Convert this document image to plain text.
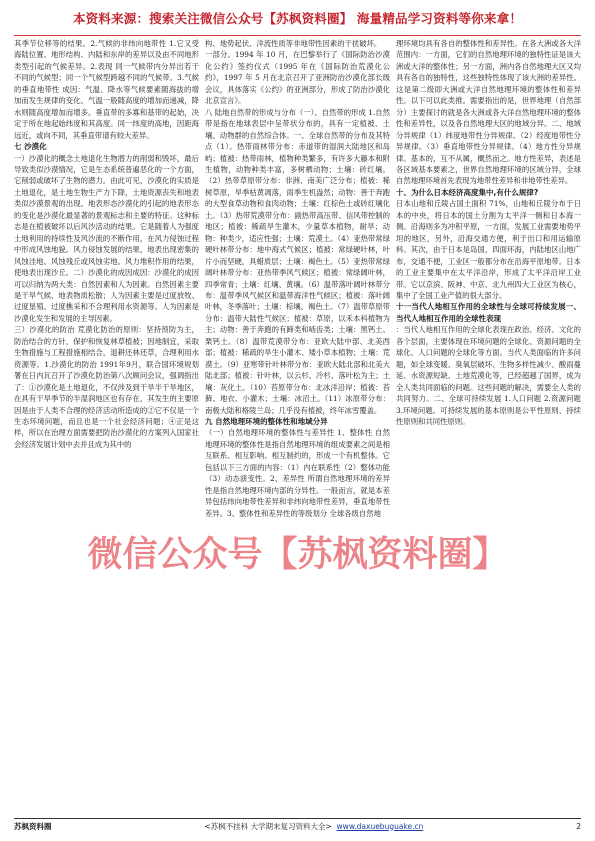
本资料来源：搜索关注微信公众号【苏枫资料圈】 海量精品学习资料等你来拿！

其季节位移等的结果。2.气候的非纬向地带性 1.它又受海陆位置、地形结构、内陆和东岸的差异以及由不同地形类型引起的气候差异。2.表现 同一气候带内分异出若干不同的气候型；同一个气候型跨越不同的气候带。3.气候的垂直地带性 成因：气温、降水等气候要素随海拔的增加而发生规律的变化。气温一般随高度的增加而递减，降水则随高度增加而增多。垂直带的多寡和基带的起始，决定于所在地起始纬度和其高度。同一纬度的高地，因距海远近，或向不同，其垂直带谱有较大差异。

七 沙漠化

一）沙漠化的概念土地退化生物潜力的削弱和毁坏，最后导致类似沙漠情况，它是生态系统普遍恶化的一个方面，它削弱或破坏了生物的潜力。由此可见，沙漠化的实质是土地退化，是土地生物生产力下降，土地资源丧失和地表类似沙漠景观的出现。地表形态沙漠化的引起的地表形态的变化是沙漠化最显著的景观标志和主要的特征。这种标志是在植被破坏以后风沙活动的结果。它是随着人为强度土地利用的持续性及风沙流的不断作用，在风力侵蚀过程中形成风蚀地貌。风力侵蚀发展的结果，地表出现密集的风蚀洼地、风蚀残丘或风蚀劣地。风力堆积作用的结果，使地表出现沙丘。二）沙漠化的成因成因：沙漠化的成因可以归纳为两大类：自然因素和人为因素。自然因素主要是干旱气候、地表物质松散；人为因素主要是过度放牧、过度垦殖、过度樵采和不合理利用水资源等。人为因素是沙漠化发生和发展的主导因素。

三）沙漠化的防治 荒漠化防治的原则：坚持预防为主，防治结合的方针，保护和恢复林草植被；因地制宜，采取生物措施与工程措施相结合，退耕还林还草，合理利用水资源等。1.沙漠化的防治 1991年9月，联合国环境规划署在日内瓦召开了沙漠化防治第八次顾问会议，强调指出了：①沙漠化是土地退化，不仅涉及到干旱半干旱地区，在具有干旱季节的半湿润地区也有存在，其发生的主要原因是由于人类不合理的经济活动所造成的②它不仅是一个生态环境问题，而且也是一个社会经济问题；④正是这样，所以在治理方面需要把防治沙漠化的方案列入国家社会经济发展计划中去并且成为其中的

构、地势起伏、洋流性质等非地带性因素的干扰破坏。

一部分。1994 年 10 月，在巴黎举行了《国际防治沙漠化公约》签约仪式（1995 年在《国际防治荒漠化公约》，1997 年 5 月在北京召开了亚洲防治沙漠化部长级会议，具体落实《公约》的亚洲部分，形成了防治沙漠化北京宣言》。

八 陆地自然带的形成与分布（一）、自然带的形成 1.自然带是指在地球表层中呈带状分布的，具有一定植被、土壤、动物群的自然综合体。一、全球自然带的分布及其特点（1）。热带雨林带分布：赤道带的湿润大陆地区和岛屿；植被：热带雨林，植物种类繁多，有许多大藤本和附生植物，动物种类丰富，多树栖动物；土壤：砖红壤。（2）热带草原带分布：非洲、南美广泛分布；植被：稀树草原，旱季枯黄凋落，雨季生机盎然；动物：善于奔跑的大型食草动物和食肉动物；土壤：红棕色土或砖红壤化土。（3）热带荒漠带分布：副热带高压带、信风带控制的地区；植被：稀疏旱生灌木，少量草本植物，耐旱；动物：种类少，适应性强；土壤：荒漠土。（4）亚热带常绿硬叶林带分布：地中海式气候区；植被：常绿硬叶林，叶片小而坚硬，具蜡质层；土壤：褐色土。（5）亚热带常绿阔叶林带分布：亚热带季风气候区；植被：常绿阔叶林，四季常青；土壤：红壤、黄壤。（6）温带落叶阔叶林带分布：温带季风气候区和温带海洋性气候区；植被：落叶阔叶林，冬季落叶；土壤：棕壤、褐色土。（7）温带草原带分布：温带大陆性气候区；植被：草原，以禾本科植物为主；动物：善于奔跑的有蹄类和啮齿类；土壤：黑钙土、栗钙土。（8）温带荒漠带分布：亚欧大陆中部、北美西部；植被：稀疏的旱生小灌木、矮小草本植物；土壤：荒漠土。（9）亚寒带针叶林带分布：亚欧大陆北部和北美大陆北部；植被：针叶林，以云杉、冷杉、落叶松为主；土壤：灰化土。（10）苔原带分布：北冰洋沿岸；植被：苔藓、地衣、小灌木；土壤：冰沼土。（11）冰原带分布：南极大陆和格陵兰岛；几乎没有植被，终年冰雪覆盖。

九 自然地理环境的整体性和地域分异

（一）自然地理环境的整体性与差异性 1、整体性 自然地理环境的整体性是指自然地理环境的组成要素之间是相互联系、相互影响、相互制约的，形成一个有机整体。它包括以下三方面的内容：（1）内在联系性（2）整体功能（3）动态演变性。2、差异性 所谓自然地理环境的差异性是指自然地理环境内部的分异性。一般而言，就是本差异包括纬向地带性差异和非纬向地带性差异，垂直地带性差异。3、整体性和差异性的等级划分 全球各级自然地

理环境均具有各自的整体性和差异性。在各大洲或各大洋范围内：一方面，它们的自然地理环境的独特性证是该大洲或大洋的整体性；另一方面，洲内各自然地理大区又均具有各自的独特性，这些独特性体现了该大洲的差异性。这是第二级即大洲或大洋自然地理环境的整体性和差异性。以下可以此类推。需要指出的是，世界地理（自然部分）主要探讨的就是各大洲或各大洋自然地理环境的整体性和差异性，以及各自然地理大区的地域分异。二、地域分异规律（1）纬度地带性分异规律。（2）经度地带性分异规律。（3）垂直地带性分异规律。（4）地方性分异规律。基本的，互不从属，概然而之。地方性差异，表述是各区域基本要素之，世界自然地理环境的区域分异，全球自然地理环境首先表现为地带性差异和非地带性差异。

十、为什么日本经济高度集中,有什么规律?

日本山地和丘陵占国土面积 71%，山地和丘陵分布于日本的中央，将日本的国土分割为太平洋一侧和日本海一侧。沿海则多为冲积平原，一方面，发展工业需要地势平坦的地区，另外，沿海交通方便，利于出口和用运输原料。其次，由于日本是岛国，四面环海，内陆地区山地广布，交通不便，工业区一般都分布在沿海平原地带。日本的工业主要集中在太平洋沿岸，形成了太平洋沿岸工业带。它以京滨、阪神、中京、北九州四大工业区为核心，集中了全国工业产值的很大部分。

十一当代人地相互作用的全球性与全球可持续发展一、当代人地相互作用的全球性表现

：当代人地相互作用的全球化表现在政治、经济、文化的各个层面，主要体现在环境问题的全球化、资源问题的全球化、人口问题的全球化等方面。当代人类面临的许多问题，如全球变暖、臭氧层破坏、生物多样性减少、酸雨蔓延、水资源短缺、土地荒漠化等，已经超越了国界，成为全人类共同面临的问题。这些问题的解决，需要全人类的共同努力。二、全球可持续发展 1.人口问题 2.资源问题 3.环境问题。可持续发展的基本原则是公平性原则、持续性原则和共同性原则。

微信公众号【苏枫资料圈】
苏枫资料圈	<苏枫不挂科 大学期末复习资料大全> www.daxuebuguake.cn	2
